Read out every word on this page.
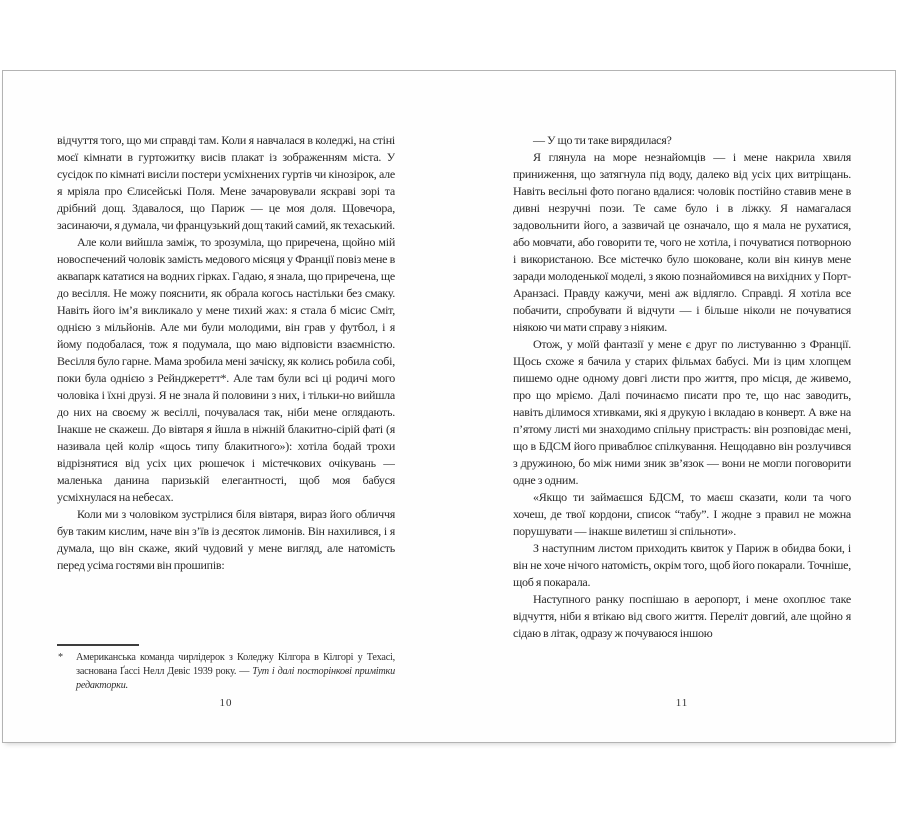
відчуття того, що ми справді там. Коли я навчалася в коледжі, на стіні моєї кімнати в гуртожитку висів плакат із зображенням міста. У сусідок по кімнаті висіли постери усміхнених гуртів чи кінозірок, але я мріяла про Єлисейські Поля. Мене зачаровували яскраві зорі та дрібний дощ. Здавалося, що Париж — це моя доля. Щовечора, засинаючи, я думала, чи французький дощ такий самий, як техаський.

Але коли вийшла заміж, то зрозуміла, що приречена, щойно мій новоспечений чоловік замість медового місяця у Франції повіз мене в аквапарк кататися на водних гірках. Гадаю, я знала, що приречена, ще до весілля. Не можу пояснити, як обрала когось настільки без смаку. Навіть його ім’я викликало у мене тихий жах: я стала б місис Сміт, однією з мільйонів. Але ми були молодими, він грав у футбол, і я йому подобалася, тож я подумала, що маю відповісти взаємністю. Весілля було гарне. Мама зробила мені зачіску, як колись робила собі, поки була однією з Рейнджеретт*. Але там були всі ці родичі мого чоловіка і їхні друзі. Я не знала й половини з них, і тільки-но вийшла до них на своєму ж весіллі, почувалася так, ніби мене оглядають. Інакше не скажеш. До вівтаря я йшла в ніжній блакитно-сірій фаті (я називала цей колір «щось типу блакитного»): хотіла бодай трохи відрізнятися від усіх цих рюшечок і містечкових очікувань — маленька данина паризькій елегантності, щоб моя бабуся усміхнулася на небесах.

Коли ми з чоловіком зустрілися біля вівтаря, вираз його обличчя був таким кислим, наче він з’їв із десяток лимонів. Він нахилився, і я думала, що він скаже, який чудовий у мене вигляд, але натомість перед усіма гостями він прошипів:

* Американська команда чирлідерок з Коледжу Кілгора в Кілгорі у Техасі, заснована Ґассі Нелл Девіс 1939 року. — Тут і далі посторінкові примітки редакторки.
10

— У що ти таке вирядилася?

Я глянула на море незнайомців — і мене накрила хвиля приниження, що затягнула під воду, далеко від усіх цих витріщань. Навіть весільні фото погано вдалися: чоловік постійно ставив мене в дивні незручні пози. Те саме було і в ліжку. Я намагалася задовольнити його, а зазвичай це означало, що я мала не рухатися, або мовчати, або говорити те, чого не хотіла, і почуватися потворною і використаною. Все містечко було шоковане, коли він кинув мене заради молоденької моделі, з якою познайомився на вихідних у Порт-Аранзасі. Правду кажучи, мені аж відлягло. Справді. Я хотіла все побачити, спробувати й відчути — і більше ніколи не почуватися ніякою чи мати справу з ніяким.

Отож, у моїй фантазії у мене є друг по листуванню з Франції. Щось схоже я бачила у старих фільмах бабусі. Ми із цим хлопцем пишемо одне одному довгі листи про життя, про місця, де живемо, про що мріємо. Далі починаємо писати про те, що нас заводить, навіть ділимося хтивками, які я друкую і вкладаю в конверт. А вже на п’ятому листі ми знаходимо спільну пристрасть: він розповідає мені, що в БДСМ його приваблює спілкування. Нещодавно він розлучився з дружиною, бо між ними зник зв’язок — вони не могли поговорити одне з одним.

«Якщо ти займаєшся БДСМ, то маєш сказати, коли та чого хочеш, де твої кордони, список “табу”. І жодне з правил не можна порушувати — інакше вилетиш зі спільноти».

З наступним листом приходить квиток у Париж в обидва боки, і він не хоче нічого натомість, окрім того, щоб його покарали. Точніше, щоб я покарала.

Наступного ранку поспішаю в аеропорт, і мене охоплює таке відчуття, ніби я втікаю від свого життя. Переліт довгий, але щойно я сідаю в літак, одразу ж почуваюся іншою

11
